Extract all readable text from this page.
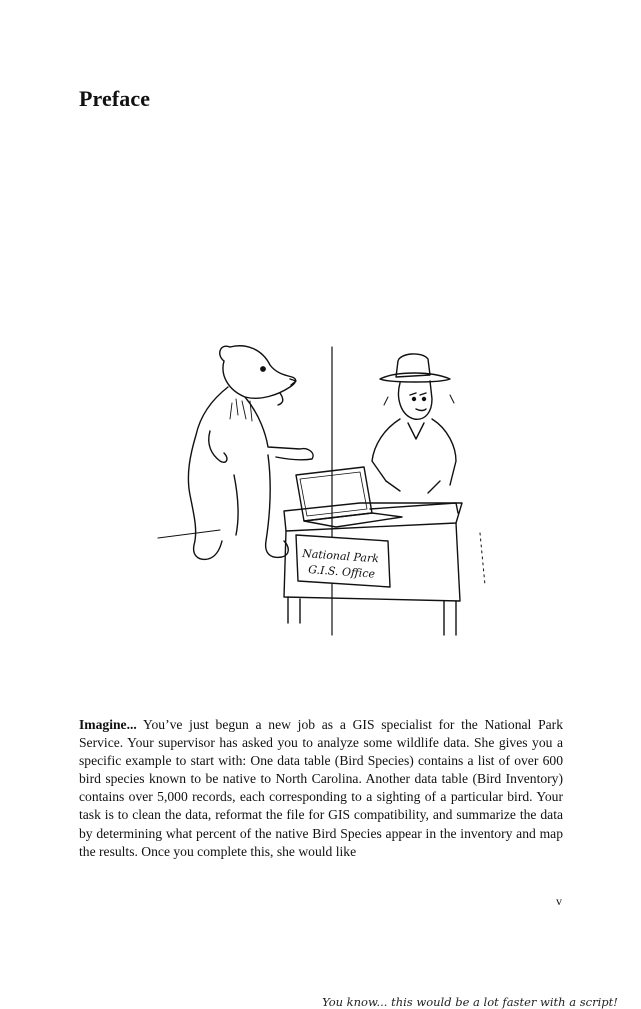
Preface
National Park
G.I.S. Office
You know... this would be a lot faster with a script!

Imagine... You’ve just begun a new job as a GIS specialist for the National Park Service. Your supervisor has asked you to analyze some wildlife data. She gives you a specific example to start with: One data table (Bird Species) contains a list of over 600 bird species known to be native to North Carolina. Another data table (Bird Inventory) contains over 5,000 records, each corresponding to a sighting of a particular bird. Your task is to clean the data, reformat the file for GIS compatibility, and summarize the data by determining what percent of the native Bird Species appear in the inventory and map the results. Once you complete this, she would like

v
